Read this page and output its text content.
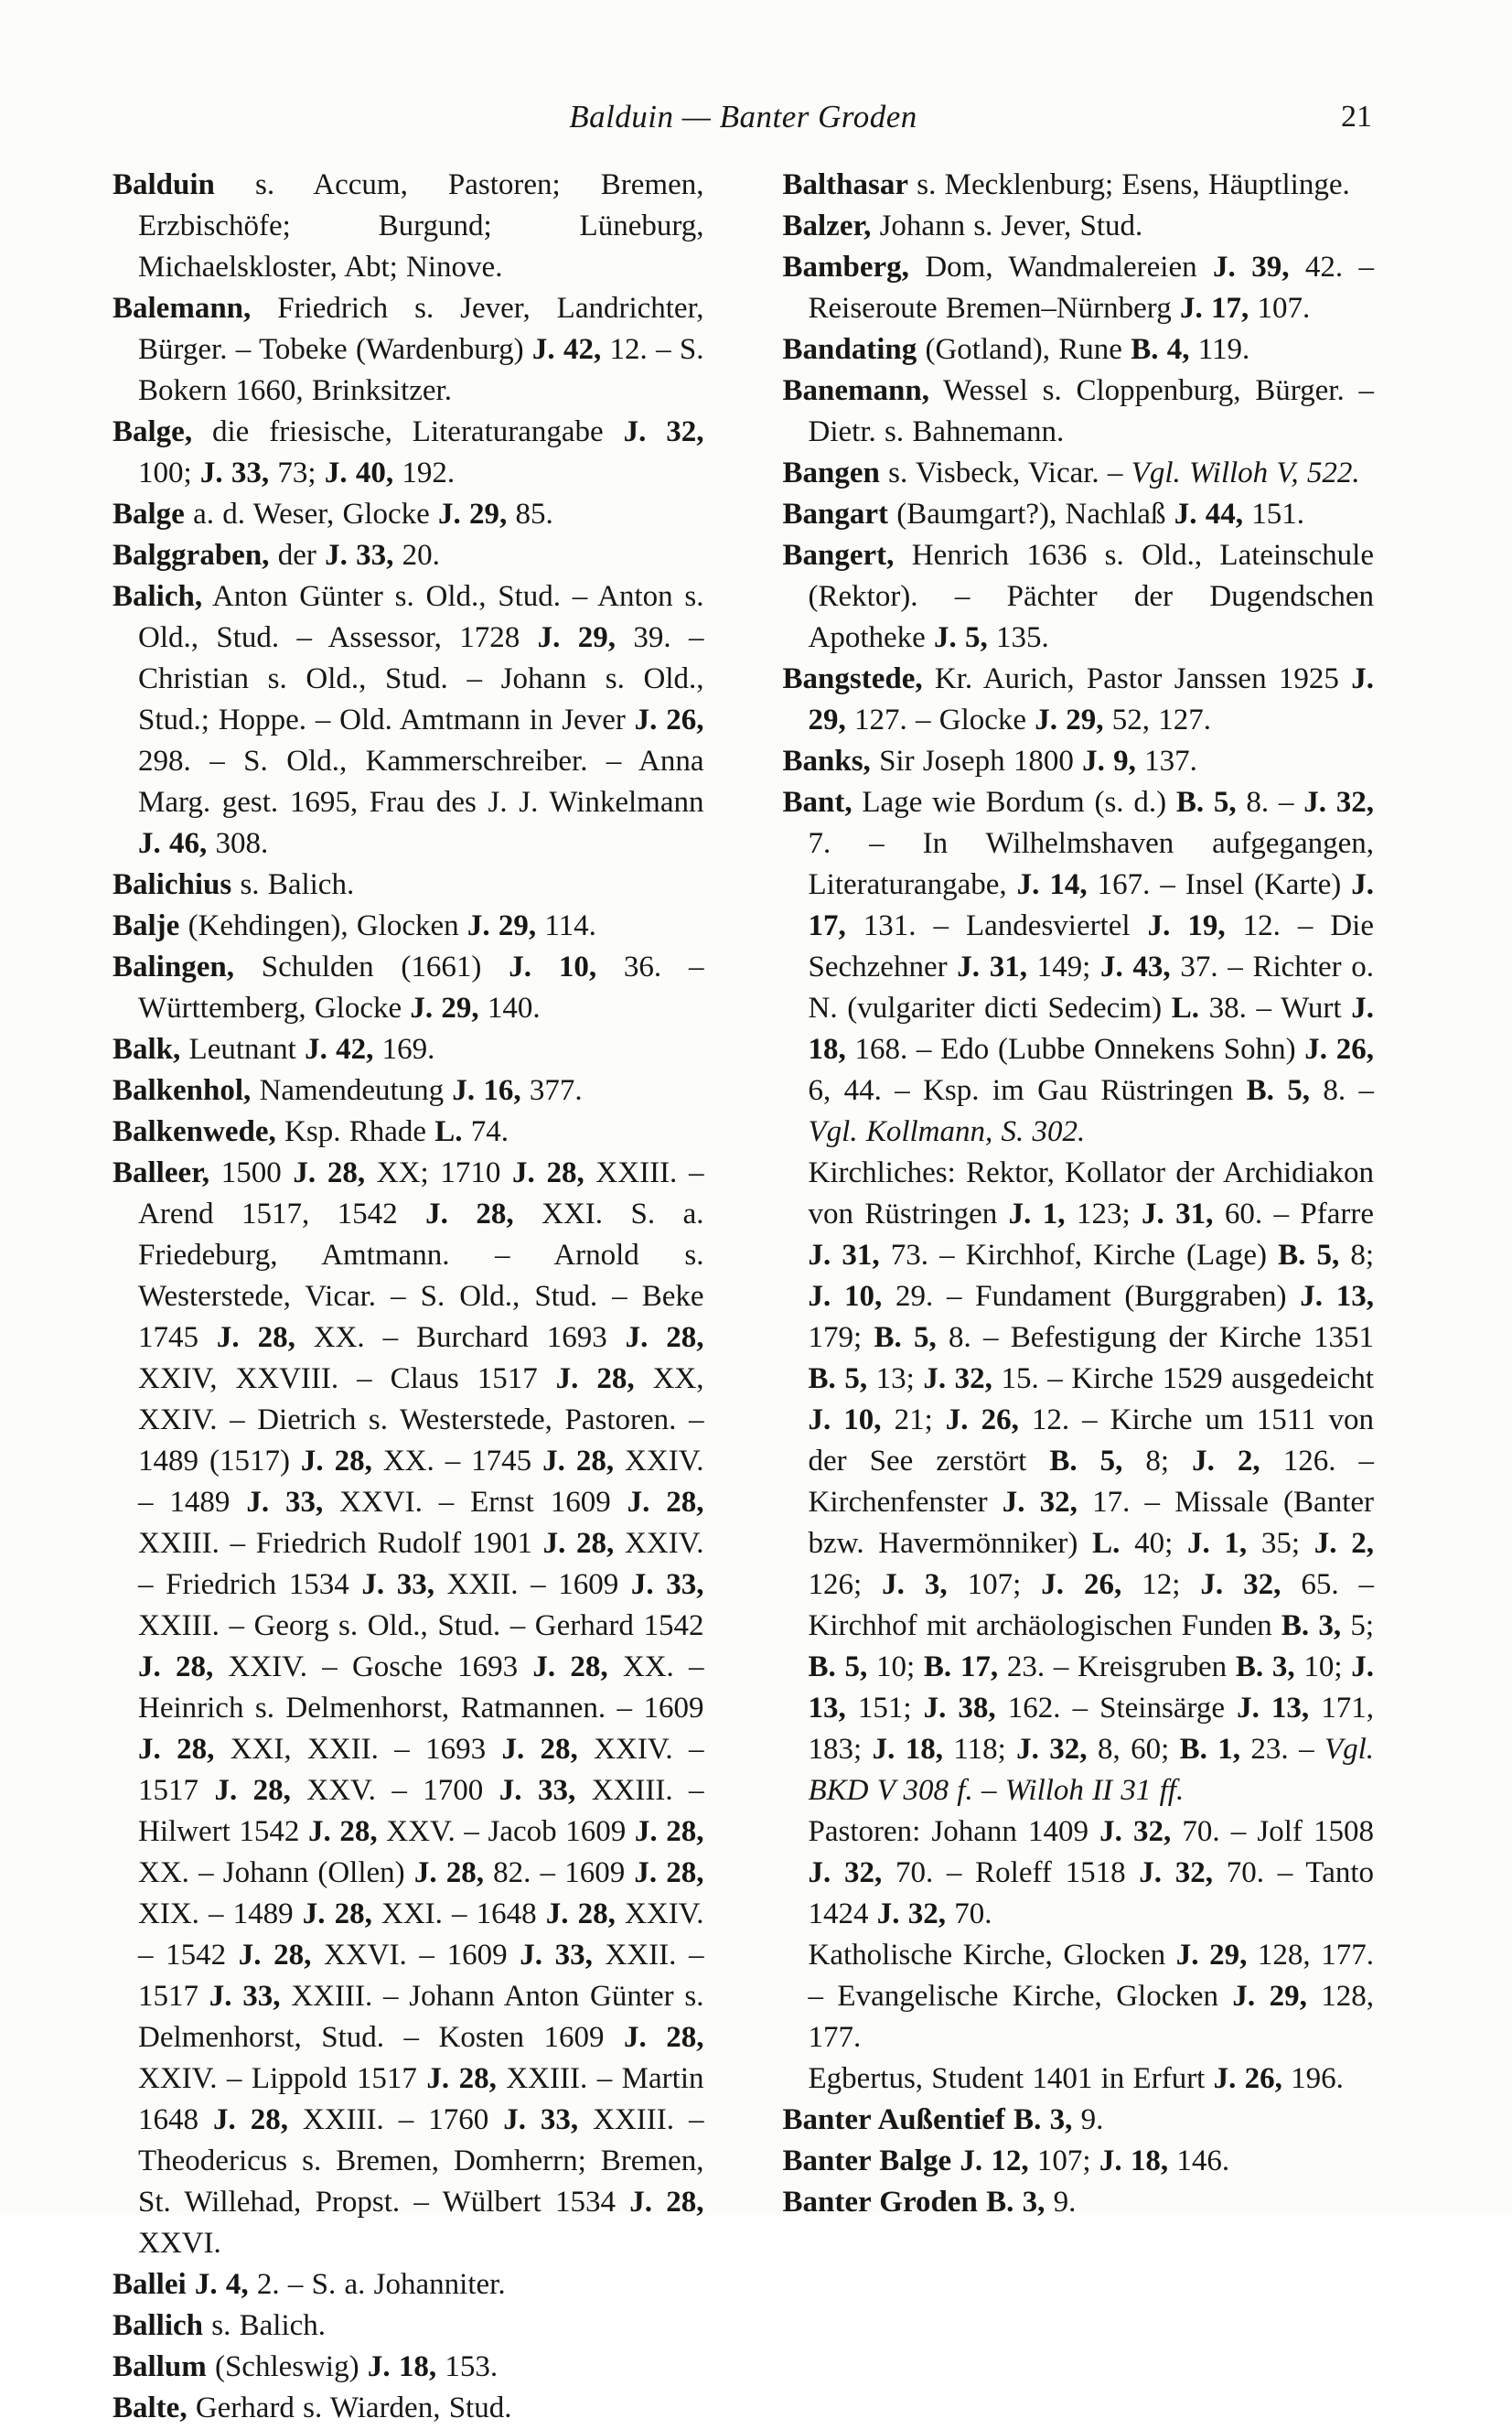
Balduin — Banter Groden	21

Balduin s. Accum, Pastoren; Bremen, Erzbischöfe; Burgund; Lüneburg, Michaelskloster, Abt; Ninove.

Balemann, Friedrich s. Jever, Landrichter, Bürger. – Tobeke (Wardenburg) J. 42, 12. – S. Bokern 1660, Brinksitzer.

Balge, die friesische, Literaturangabe J. 32, 100; J. 33, 73; J. 40, 192.

Balge a. d. Weser, Glocke J. 29, 85.

Balggraben, der J. 33, 20.

Balich, Anton Günter s. Old., Stud. – Anton s. Old., Stud. – Assessor, 1728 J. 29, 39. – Christian s. Old., Stud. – Johann s. Old., Stud.; Hoppe. – Old. Amtmann in Jever J. 26, 298. – S. Old., Kammerschreiber. – Anna Marg. gest. 1695, Frau des J. J. Winkelmann J. 46, 308.

Balichius s. Balich.

Balje (Kehdingen), Glocken J. 29, 114.

Balingen, Schulden (1661) J. 10, 36. – Württemberg, Glocke J. 29, 140.

Balk, Leutnant J. 42, 169.

Balkenhol, Namendeutung J. 16, 377.

Balkenwede, Ksp. Rhade L. 74.

Balleer, 1500 J. 28, XX; 1710 J. 28, XXIII. – Arend 1517, 1542 J. 28, XXI. S. a. Friedeburg, Amtmann. – Arnold s. Westerstede, Vicar. – S. Old., Stud. – Beke 1745 J. 28, XX. – Burchard 1693 J. 28, XXIV, XXVIII. – Claus 1517 J. 28, XX, XXIV. – Dietrich s. Westerstede, Pastoren. – 1489 (1517) J. 28, XX. – 1745 J. 28, XXIV. – 1489 J. 33, XXVI. – Ernst 1609 J. 28, XXIII. – Friedrich Rudolf 1901 J. 28, XXIV. – Friedrich 1534 J. 33, XXII. – 1609 J. 33, XXIII. – Georg s. Old., Stud. – Gerhard 1542 J. 28, XXIV. – Gosche 1693 J. 28, XX. – Heinrich s. Delmenhorst, Ratmannen. – 1609 J. 28, XXI, XXII. – 1693 J. 28, XXIV. – 1517 J. 28, XXV. – 1700 J. 33, XXIII. – Hilwert 1542 J. 28, XXV. – Jacob 1609 J. 28, XX. – Johann (Ollen) J. 28, 82. – 1609 J. 28, XIX. – 1489 J. 28, XXI. – 1648 J. 28, XXIV. – 1542 J. 28, XXVI. – 1609 J. 33, XXII. – 1517 J. 33, XXIII. – Johann Anton Günter s. Delmenhorst, Stud. – Kosten 1609 J. 28, XXIV. – Lippold 1517 J. 28, XXIII. – Martin 1648 J. 28, XXIII. – 1760 J. 33, XXIII. – Theodericus s. Bremen, Domherrn; Bremen, St. Willehad, Propst. – Wülbert 1534 J. 28, XXVI.

Ballei J. 4, 2. – S. a. Johanniter.

Ballich s. Balich.

Ballum (Schleswig) J. 18, 153.

Balte, Gerhard s. Wiarden, Stud.

Balthasar s. Mecklenburg; Esens, Häuptlinge.

Balzer, Johann s. Jever, Stud.

Bamberg, Dom, Wandmalereien J. 39, 42. – Reiseroute Bremen–Nürnberg J. 17, 107.

Bandating (Gotland), Rune B. 4, 119.

Banemann, Wessel s. Cloppenburg, Bürger. – Dietr. s. Bahnemann.

Bangen s. Visbeck, Vicar. – Vgl. Willoh V, 522.

Bangart (Baumgart?), Nachlaß J. 44, 151.

Bangert, Henrich 1636 s. Old., Lateinschule (Rektor). – Pächter der Dugendschen Apotheke J. 5, 135.

Bangstede, Kr. Aurich, Pastor Janssen 1925 J. 29, 127. – Glocke J. 29, 52, 127.

Banks, Sir Joseph 1800 J. 9, 137.

Bant, Lage wie Bordum (s. d.) B. 5, 8. – J. 32, 7. – In Wilhelmshaven aufgegangen, Literaturangabe, J. 14, 167. – Insel (Karte) J. 17, 131. – Landesviertel J. 19, 12. – Die Sechzehner J. 31, 149; J. 43, 37. – Richter o. N. (vulgariter dicti Sedecim) L. 38. – Wurt J. 18, 168. – Edo (Lubbe Onnekens Sohn) J. 26, 6, 44. – Ksp. im Gau Rüstringen B. 5, 8. – Vgl. Kollmann, S. 302.

Kirchliches: Rektor, Kollator der Archidiakon von Rüstringen J. 1, 123; J. 31, 60. – Pfarre J. 31, 73. – Kirchhof, Kirche (Lage) B. 5, 8; J. 10, 29. – Fundament (Burggraben) J. 13, 179; B. 5, 8. – Befestigung der Kirche 1351 B. 5, 13; J. 32, 15. – Kirche 1529 ausgedeicht J. 10, 21; J. 26, 12. – Kirche um 1511 von der See zerstört B. 5, 8; J. 2, 126. – Kirchenfenster J. 32, 17. – Missale (Banter bzw. Havermönniker) L. 40; J. 1, 35; J. 2, 126; J. 3, 107; J. 26, 12; J. 32, 65. – Kirchhof mit archäologischen Funden B. 3, 5; B. 5, 10; B. 17, 23. – Kreisgruben B. 3, 10; J. 13, 151; J. 38, 162. – Steinsärge J. 13, 171, 183; J. 18, 118; J. 32, 8, 60; B. 1, 23. – Vgl. BKD V 308 f. – Willoh II 31 ff.

Pastoren: Johann 1409 J. 32, 70. – Jolf 1508 J. 32, 70. – Roleff 1518 J. 32, 70. – Tanto 1424 J. 32, 70.

Katholische Kirche, Glocken J. 29, 128, 177. – Evangelische Kirche, Glocken J. 29, 128, 177.

Egbertus, Student 1401 in Erfurt J. 26, 196.

Banter Außentief B. 3, 9.

Banter Balge J. 12, 107; J. 18, 146.

Banter Groden B. 3, 9.
